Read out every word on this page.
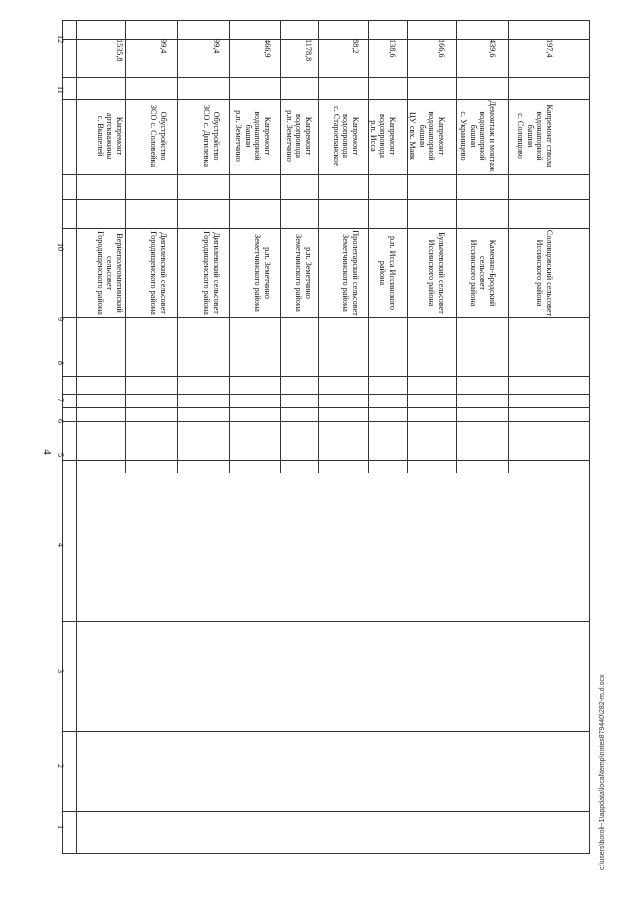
4
c:\users\boroli~1\appdata\local\temp\notes879440\282-m.d.ocx
12
11
10
9
8
7
6
5
4
3
2
1
1535,8
Капремонт
артскважины
с. Вышелей
Вернеполеомитинский сельсовет
Городищенского района
99,4
Обустройство
ЗСО с. Соловейка
Дигилевский сельсовет
Городищенского района
99,4
Обустройство
ЗСО с. Дигилевка
Дигилевский сельсовет
Городищенского района
466,9
Капремонт
водонапорной
башни
р.п. Земетчино
р.п. Земетчино
Земетчинского района
1178,8
Капремонт
водопровода
р.п. Земетчино
р.п. Земетчино
Земетчинского района
88,2
Капремонт
водопровода
с. Староепанское
Пролетарский сельсовет
Земетчинского района
138,6
Капремонт
водопровода
р.п. Исса
р.п. Исса Иссинского района
166,6
Капремонт
водонапорной
башни
ЦУ свх. Маяк
Булычевский сельсовет
Иссинского района
439,6
Демонтаж и монтаж
водонапорной
башни
с. Украинцево
Каменно-Бродский сельсовет
Иссинского района
197,4
Капремонт ствола
водонапорной
башни
с. Соловцово
Соловцовский сельсовет
Иссинского района
